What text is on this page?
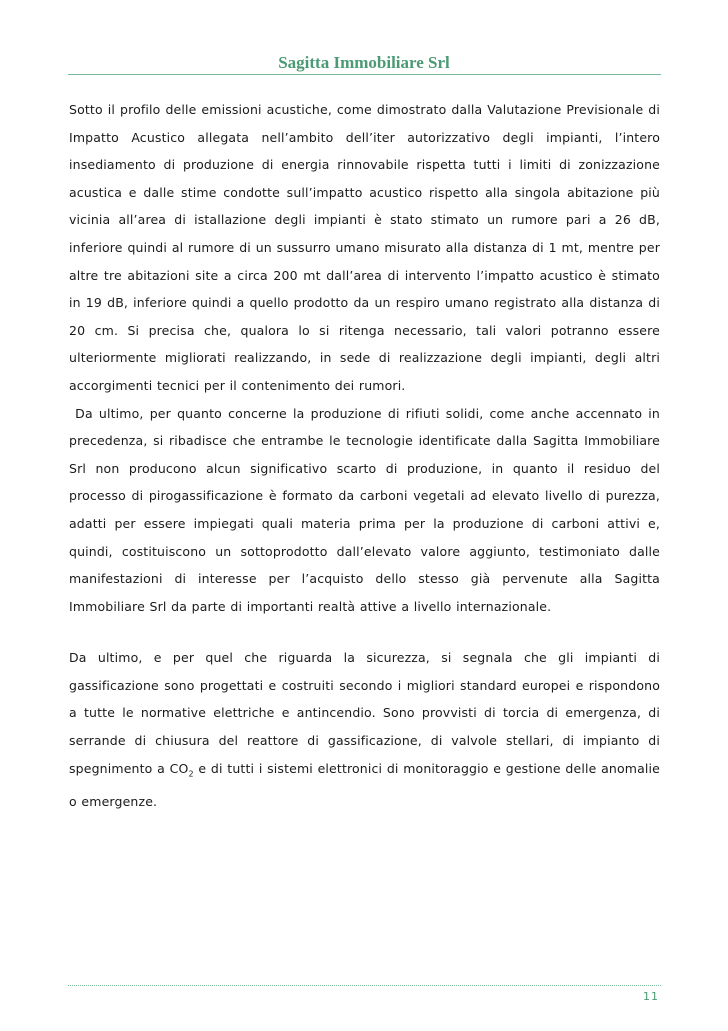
Sagitta Immobiliare Srl

Sotto il profilo delle emissioni acustiche, come dimostrato dalla Valutazione Previsionale di Impatto Acustico allegata nell’ambito dell’iter autorizzativo degli impianti, l’intero insediamento di produzione di energia rinnovabile rispetta tutti i limiti di zonizzazione acustica e dalle stime condotte sull’impatto acustico rispetto alla singola abitazione più vicinia all’area di istallazione degli impianti è stato stimato un rumore pari a 26 dB, inferiore quindi al rumore di un sussurro umano misurato alla distanza di 1 mt, mentre per altre tre abitazioni site a circa 200 mt dall’area di intervento l’impatto acustico è stimato in 19 dB, inferiore quindi a quello prodotto da un respiro umano registrato alla distanza di 20 cm. Si precisa che, qualora lo si ritenga necessario, tali valori potranno essere ulteriormente migliorati realizzando, in sede di realizzazione degli impianti, degli altri accorgimenti tecnici per il contenimento dei rumori.

Da ultimo, per quanto concerne la produzione di rifiuti solidi, come anche accennato in precedenza, si ribadisce che entrambe le tecnologie identificate dalla Sagitta Immobiliare Srl non producono alcun significativo scarto di produzione, in quanto il residuo del processo di pirogassificazione è formato da carboni vegetali ad elevato livello di purezza, adatti per essere impiegati quali materia prima per la produzione di carboni attivi e, quindi, costituiscono un sottoprodotto dall’elevato valore aggiunto, testimoniato dalle manifestazioni di interesse per l’acquisto dello stesso già pervenute alla Sagitta Immobiliare Srl da parte di importanti realtà attive a livello internazionale.

Da ultimo, e per quel che riguarda la sicurezza, si segnala che gli impianti di gassificazione sono progettati e costruiti secondo i migliori standard europei e rispondono a tutte le normative elettriche e antincendio. Sono provvisti di torcia di emergenza, di serrande di chiusura del reattore di gassificazione, di valvole stellari, di impianto di spegnimento a $CO_2$ e di tutti i sistemi elettronici di monitoraggio e gestione delle anomalie o emergenze.

11
